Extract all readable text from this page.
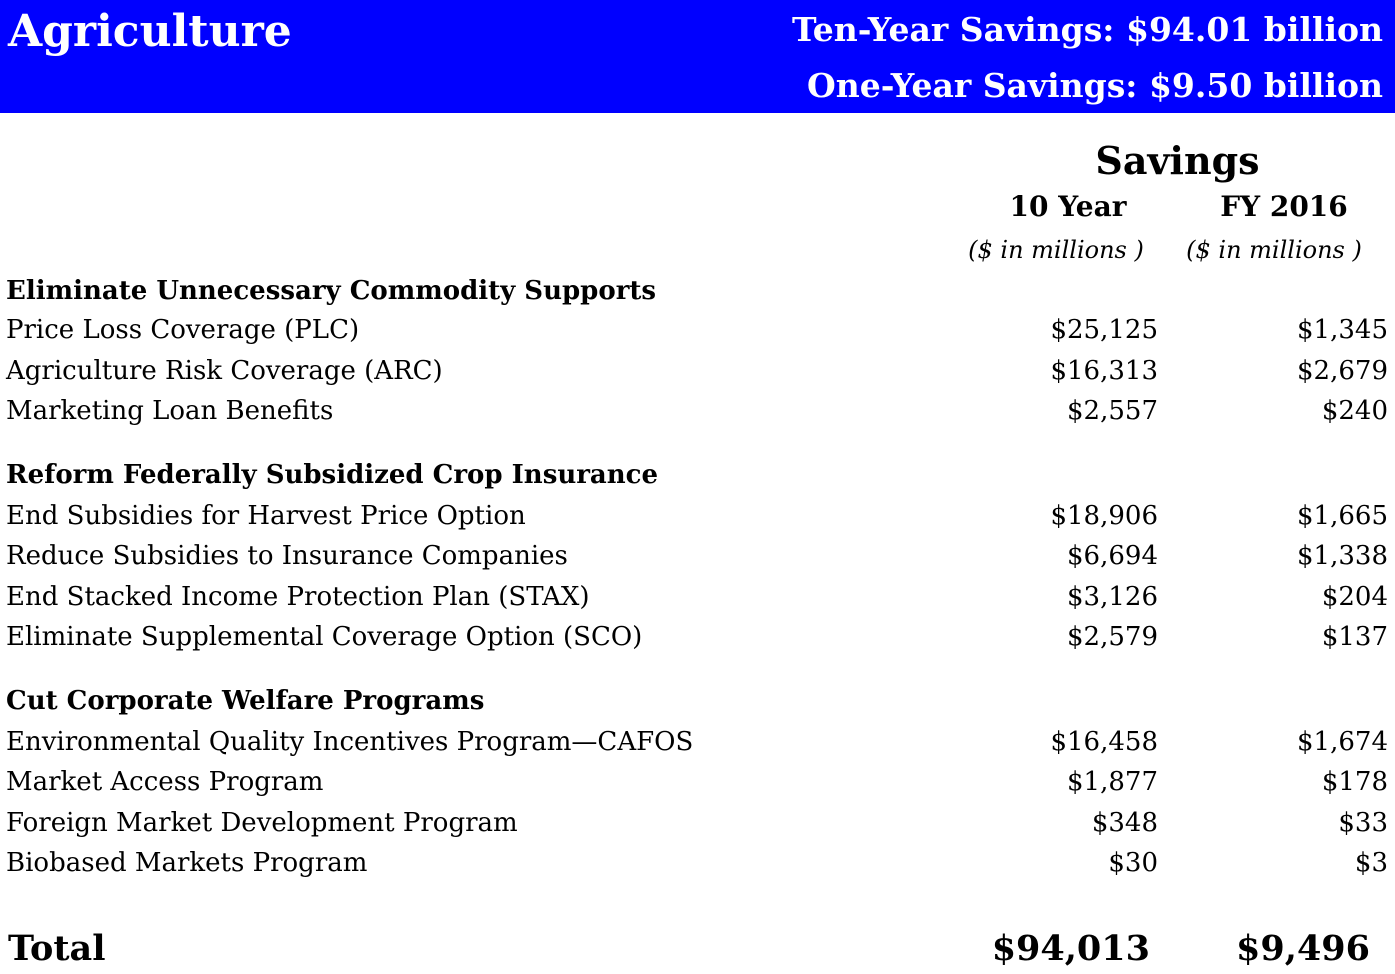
Agriculture	Ten-Year Savings: $94.01 billion
One-Year Savings: $9.50 billion
Savings
10 Year	FY 2016
($ in millions )	($ in millions )
Eliminate Unnecessary Commodity Supports
Price Loss Coverage (PLC)	$25,125	$1,345
Agriculture Risk Coverage (ARC)	$16,313	$2,679
Marketing Loan Benefits	$2,557	$240
Reform Federally Subsidized Crop Insurance
End Subsidies for Harvest Price Option	$18,906	$1,665
Reduce Subsidies to Insurance Companies	$6,694	$1,338
End Stacked Income Protection Plan (STAX)	$3,126	$204
Eliminate Supplemental Coverage Option (SCO)	$2,579	$137
Cut Corporate Welfare Programs
Environmental Quality Incentives Program—CAFOS	$16,458	$1,674
Market Access Program	$1,877	$178
Foreign Market Development Program	$348	$33
Biobased Markets Program	$30	$3
Total	$94,013 $9,496
